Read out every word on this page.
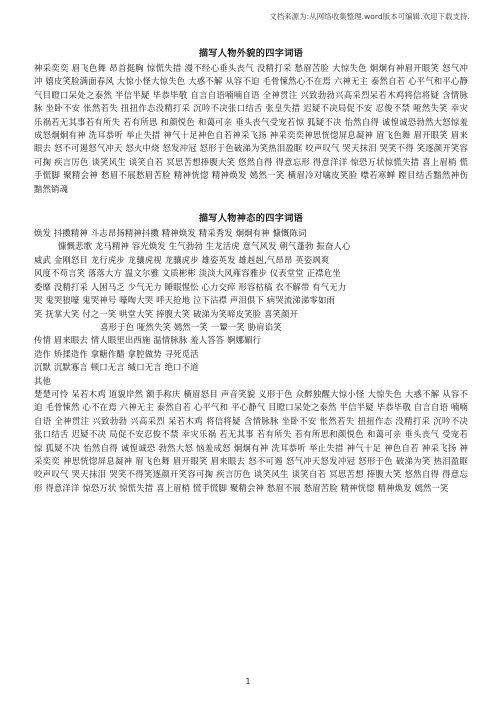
文档来源为:从网络收集整理.word版本可编辑.欢迎下载支持.
描写人物外貌的四字词语

神采奕奕 眉飞色舞 昂首挺胸 惊慌失措 漫不经心垂头丧气 没精打采 愁眉苦脸 大惊失色 炯炯有神眉开眼笑 怒气冲冲 嬉皮笑脸满面春风 大惊小怪大惊失色 大惑不解 从容不迫 毛骨悚然心不在焉 六神无主 泰然自若 心平气和平心静气目瞪口呆处之泰然 半信半疑 毕恭毕敬 自言自语喃喃自语 全神贯注 兴致勃勃兴高采烈呆若木鸡将信将疑 含情脉脉 坐卧不安 怅然若失 扭扭作态没精打采 沉吟不决张口结舌 张皇失措 迟疑不决局促不安 忍俊不禁 哑然失笑 幸灾乐祸若无其事若有所失 若有所思 和颜悦色 和蔼可亲 垂头丧气受宠若惊 狐疑不决 怡然自得 诚惶诚恐勃然大怒惊羞成怒炯炯有神 洗耳恭听 举止失措 神气十足神色自若神采飞扬 神采奕奕神思恍惚屏息凝神 眉飞色舞 眉开眼笑 眉来眼去 怒不可遏怒气冲天 怒火中烧 怒发冲冠 怒形于色破涕为笑热泪盈眶 咬声叹气 哭天抹泪 哭笑不得 笑逐颜开笑容可掬 疾言厉色 谈笑风生 谈笑自若 冥思苦想捧腹大笑 悠然自得 得意忘形 得意洋洋 惊恐万状惊慌失措 喜上眉梢 慌手慌脚 聚精会神 愁眉不展愁眉苦脸 精神恍惚 精神焕发 嫣然一笑 横眉冷对噙皮笑脸 噤若寒蝉 瞠目结舌黯然神伤 黯然销魂

描写人物神态的四字词语
焕发 抖擞精神 斗志昂扬精神抖擞 精神焕发 精采秀发 炯炯有神 慷慨陈词
慷慨悲歌 龙马精神 容光焕发 生气勃勃 生龙活虎 意气风发 朝气蓬勃 振奋人心
威武 金刚怒目 龙行虎步 龙骧虎视 龙骧虎步 雄姿英发 雄赳赳,气昂昂 英姿飒爽
风度不苟言笑 落落大方 温文尔雅 文质彬彬 淡淡大风雍容雅步 仪表堂堂 正襟危坐
委靡 没精打采 人困马乏 少气无力 睡眼惺忪 心力交瘁 形容枯槁 衣不解带 有气无力
哭 鬼哭狼嚎 鬼哭神号 嚎啕大哭 呼天抢地 泣下沾襟 声泪俱下 病哭流涕涕零如雨
笑 抚掌大笑 付之一笑 哄堂大笑 捧腹大笑 破涕为笑啼皮笑脸 喜笑颜开
喜形于色 哑然失笑 嫣然一笑 一颦一笑 胁肩谄笑
传情 眉来眼去 情人眼里出西施 温情脉脉 羞人答答 婀娜媚行
造作 矫揉造作 拿糖作醋 拿腔做势 寻死觅活
沉默 沉默寡言 顿口无言 缄口无言 绝口不道
其他

楚楚可怜 呆若木鸡 道貌岸然 额手称庆 横眉怒目 声音笑貌 义形于色 众醉独醒大惊小怪 大惊失色 大惑不解 从容不迫 毛骨悚然 心不在焉 六神无主 泰然自若 心平气和 平心静气 目瞪口呆处之泰然 半信半疑 毕恭毕敬 自言自语 喃喃自语 全神贯注 兴致勃勃 兴高采烈 呆若木鸡 将信将疑 含情脉脉 坐卧不安 怅然若失 扭扭作态 没精打采 沉吟不决 张口结舌 迟疑不决 局促不安忍俊不禁 幸灾乐祸 若无其事 若有所失 若有所思和颜悦色 和蔼可亲 垂头丧气 受宠若惊 狐疑不决 怡然自得 诚惶诚恐 勃然大怒 恼羞成怒 炯炯有神 洗耳恭听 举止失措 神气十足 神色自若 神采飞扬 神采奕奕 神思恍惚屏息凝神 眉飞色舞 眉开眼笑 眉来眼去 怒不可遏 怒气冲天怒发冲冠 怒形于色 破涕为笑 热泪盈眶 咬声叹气 哭天抹泪 哭笑不得笑逐颜开笑容可掬 疾言厉色 谈笑风生 谈笑自若 冥思苦想 捧腹大笑 悠然自得 得意忘形 得意洋洋 惊恐万状 惊慌失措 喜上眉梢 慌手慌脚 聚精会神 愁眉不展 愁眉苦脸 精神恍惚 精神焕发 嫣然一笑

1
